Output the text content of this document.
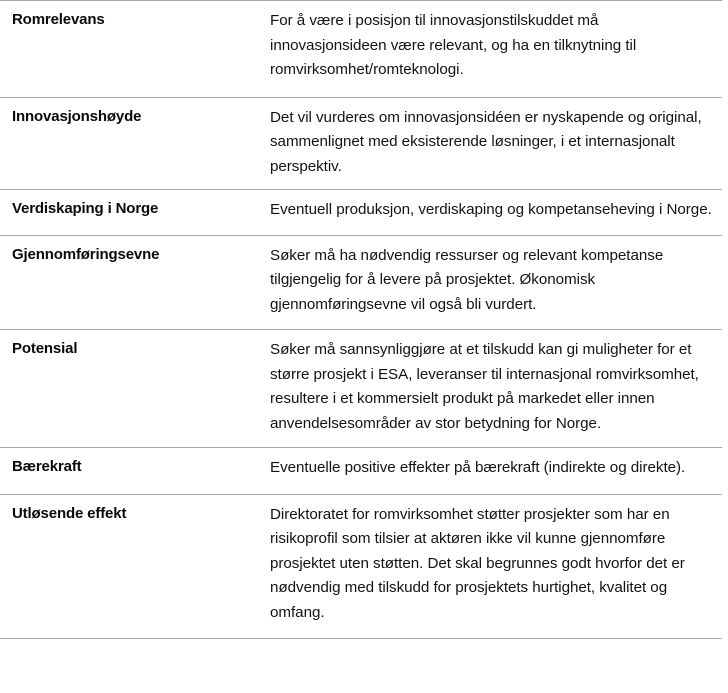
Romrelevans	For å være i posisjon til innovasjonstilskuddet må innovasjonsideen være relevant, og ha en tilknytning til romvirksomhet/romteknologi.

Innovasjonshøyde	Det vil vurderes om innovasjonsidéen er nyskapende og original, sammenlignet med eksisterende løsninger, i et internasjonalt perspektiv.

Verdiskaping i Norge	Eventuell produksjon, verdiskaping og kompetanseheving i Norge.

Gjennomføringsevne	Søker må ha nødvendig ressurser og relevant kompetanse tilgjengelig for å levere på prosjektet. Økonomisk gjennomføringsevne vil også bli vurdert.

Potensial	Søker må sannsynliggjøre at et tilskudd kan gi muligheter for et større prosjekt i ESA, leveranser til internasjonal romvirksomhet, resultere i et kommersielt produkt på markedet eller innen anvendelsesområder av stor betydning for Norge.

Bærekraft	Eventuelle positive effekter på bærekraft (indirekte og direkte).

Utløsende effekt	Direktoratet for romvirksomhet støtter prosjekter som har en risikoprofil som tilsier at aktøren ikke vil kunne gjennomføre prosjektet uten støtten. Det skal begrunnes godt hvorfor det er nødvendig med tilskudd for prosjektets hurtighet, kvalitet og omfang.
